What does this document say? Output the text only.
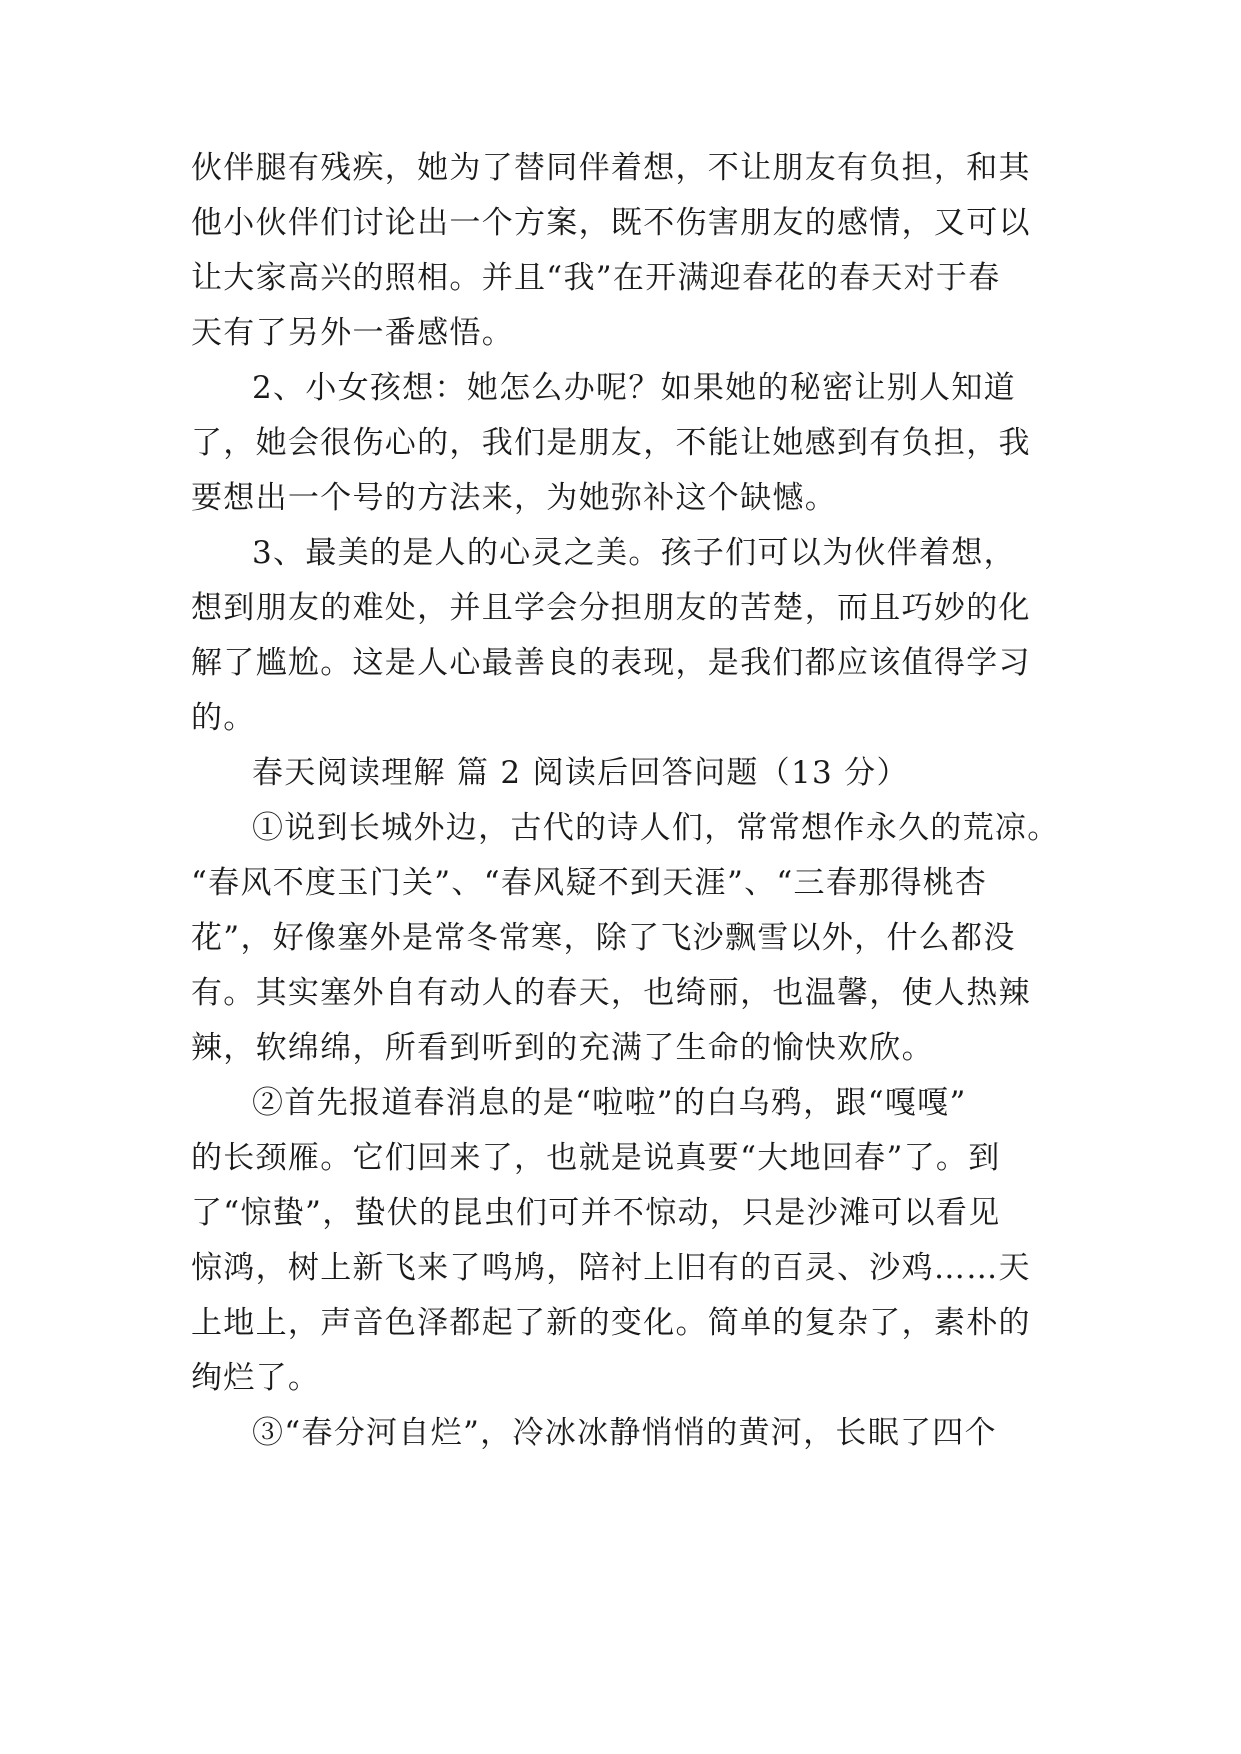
伙伴腿有残疾，她为了替同伴着想，不让朋友有负担，和其
他小伙伴们讨论出一个方案，既不伤害朋友的感情，又可以
让大家高兴的照相。并且“我”在开满迎春花的春天对于春
天有了另外一番感悟。
2、小女孩想：她怎么办呢？如果她的秘密让别人知道
了，她会很伤心的，我们是朋友，不能让她感到有负担，我
要想出一个号的方法来，为她弥补这个缺憾。
3、最美的是人的心灵之美。孩子们可以为伙伴着想，
想到朋友的难处，并且学会分担朋友的苦楚，而且巧妙的化
解了尴尬。这是人心最善良的表现，是我们都应该值得学习
的。
春天阅读理解 篇 2 阅读后回答问题（13 分）
①说到长城外边，古代的诗人们，常常想作永久的荒凉。
“春风不度玉门关”、“春风疑不到天涯”、“三春那得桃杏
花”，好像塞外是常冬常寒，除了飞沙飘雪以外，什么都没
有。其实塞外自有动人的春天，也绮丽，也温馨，使人热辣
辣，软绵绵，所看到听到的充满了生命的愉快欢欣。
②首先报道春消息的是“啦啦”的白乌鸦，跟“嘎嘎”
的长颈雁。它们回来了，也就是说真要“大地回春”了。到
了“惊蛰”，蛰伏的昆虫们可并不惊动，只是沙滩可以看见
惊鸿，树上新飞来了鸣鸠，陪衬上旧有的百灵、沙鸡……天
上地上，声音色泽都起了新的变化。简单的复杂了，素朴的
绚烂了。
③“春分河自烂”，冷冰冰静悄悄的黄河，长眠了四个
